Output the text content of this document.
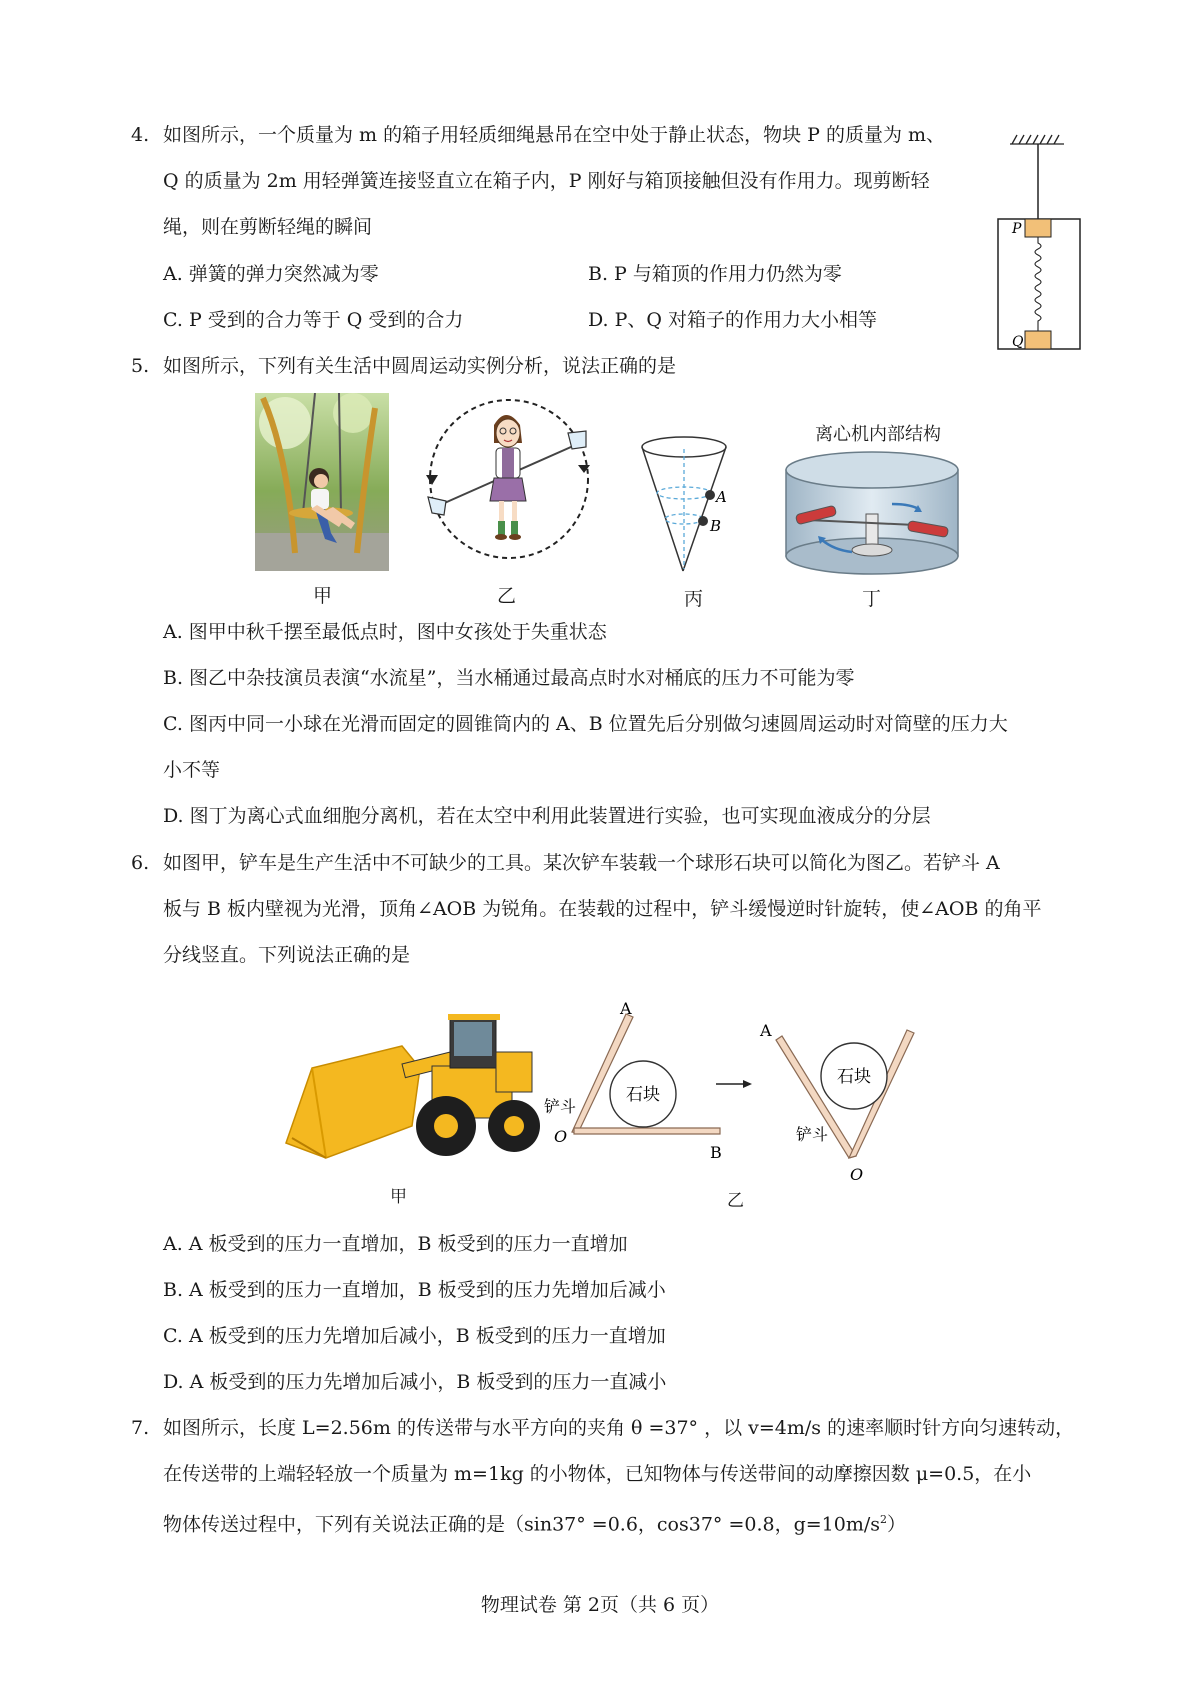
4. 如图所示，一个质量为 m 的箱子用轻质细绳悬吊在空中处于静止状态，物块 P 的质量为 m、
Q 的质量为 2m 用轻弹簧连接竖直立在箱子内，P 刚好与箱顶接触但没有作用力。现剪断轻
绳，则在剪断轻绳的瞬间
A. 弹簧的弹力突然减为零	B. P 与箱顶的作用力仍然为零
C. P 受到的合力等于 Q 受到的合力	D. P、Q 对箱子的作用力大小相等
P
Q
5. 如图所示，下列有关生活中圆周运动实例分析，说法正确的是
甲	乙
A
B
丙
离心机内部结构
丁
A. 图甲中秋千摆至最低点时，图中女孩处于失重状态
B. 图乙中杂技演员表演“水流星”，当水桶通过最高点时水对桶底的压力不可能为零
C. 图丙中同一小球在光滑而固定的圆锥筒内的 A、B 位置先后分别做匀速圆周运动时对筒壁的压力大
小不等
D. 图丁为离心式血细胞分离机，若在太空中利用此装置进行实验，也可实现血液成分的分层
6. 如图甲，铲车是生产生活中不可缺少的工具。某次铲车装载一个球形石块可以简化为图乙。若铲斗 A
板与 B 板内壁视为光滑，顶角∠AOB 为锐角。在装载的过程中，铲斗缓慢逆时针旋转，使∠AOB 的角平
分线竖直。下列说法正确的是
甲
石块
A
B
O
铲斗
石块
A
O
铲斗
乙
A. A 板受到的压力一直增加，B 板受到的压力一直增加
B. A 板受到的压力一直增加，B 板受到的压力先增加后减小
C. A 板受到的压力先增加后减小，B 板受到的压力一直增加
D. A 板受到的压力先增加后减小，B 板受到的压力一直减小
7. 如图所示，长度 L=2.56m 的传送带与水平方向的夹角 θ =37° ，以 v=4m/s 的速率顺时针方向匀速转动，
在传送带的上端轻轻放一个质量为 m=1kg 的小物体，已知物体与传送带间的动摩擦因数 μ=0.5，在小
物体传送过程中，下列有关说法正确的是（sin37° =0.6，cos37° =0.8，$g=10m/s^2$）
物理试卷 第 2页（共 6 页）
